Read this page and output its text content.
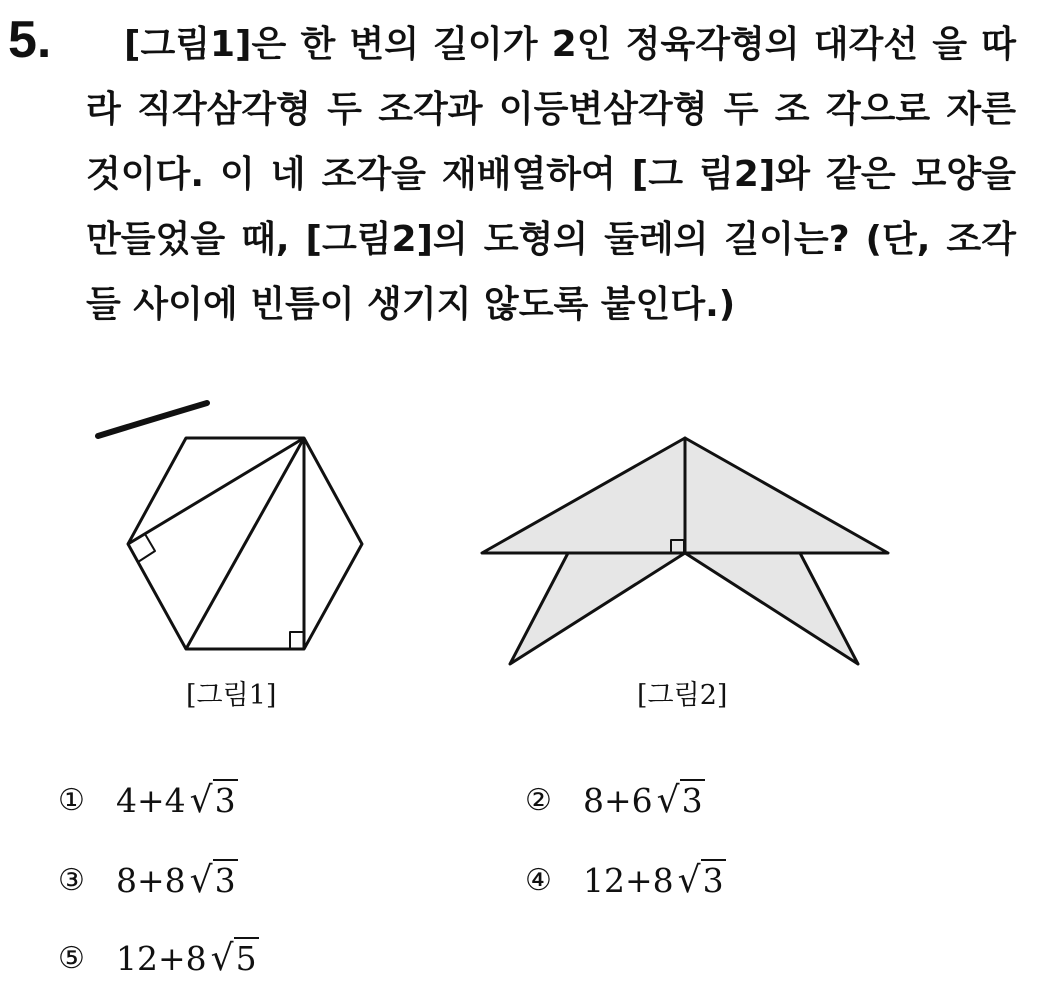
5.	[그림1]은 한 변의 길이가 2인 정육각형의 대각선 을 따라 직각삼각형 두 조각과 이등변삼각형 두 조 각으로 자른 것이다. 이 네 조각을 재배열하여 [그 림2]와 같은 모양을 만들었을 때, [그림2]의 도형의 둘레의 길이는? (단, 조각들 사이에 빈틈이 생기지 않도록 붙인다.)

[그림1]	[그림2]
① 4+4 √3	② 8+6 √3
③ 8+8 √3	④ 12+8 √3
⑤ 12+8 √5
